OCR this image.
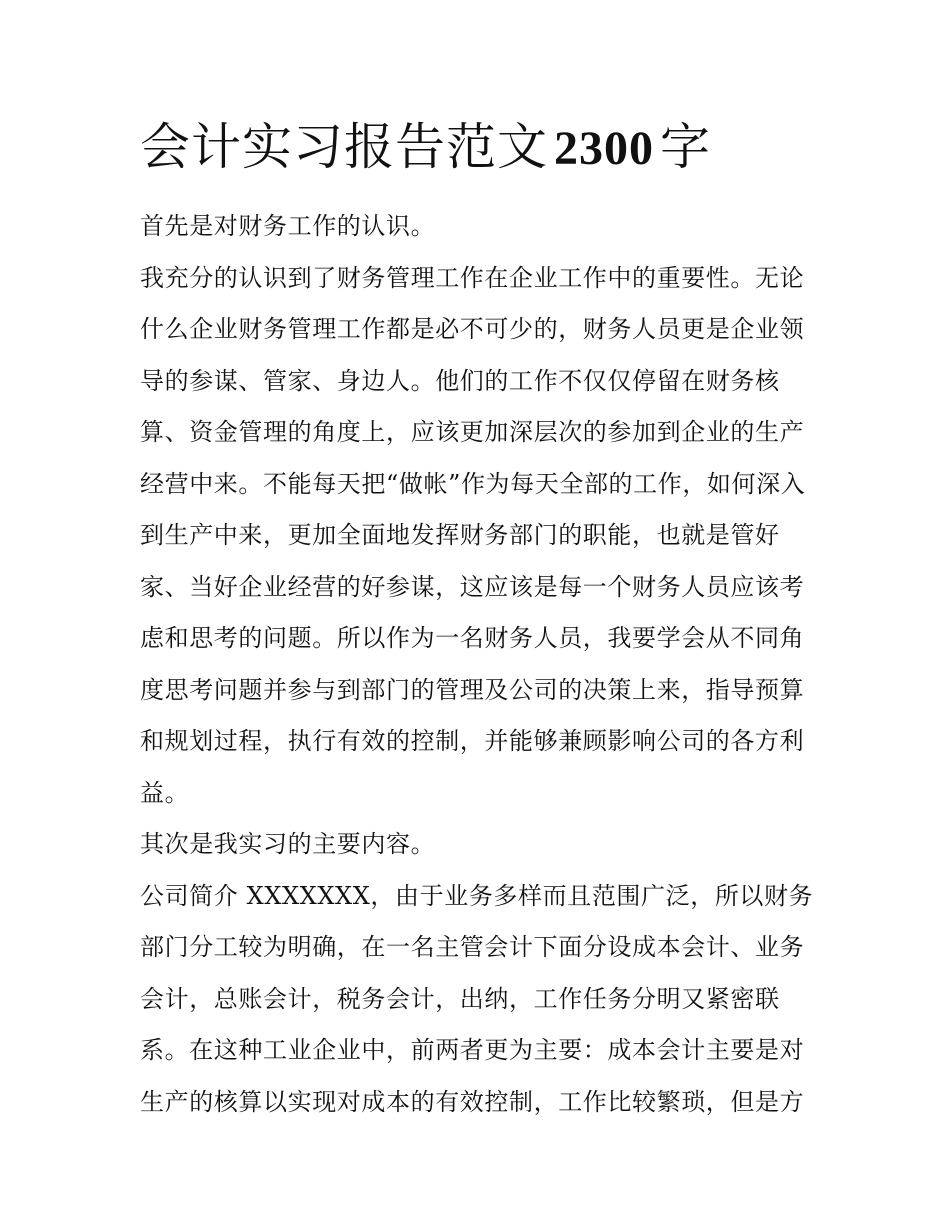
会计实习报告范文 2300 字

首先是对财务工作的认识。

我充分的认识到了财务管理工作在企业工作中的重要性。无论

什么企业财务管理工作都是必不可少的，财务人员更是企业领

导的参谋、管家、身边人。他们的工作不仅仅停留在财务核

算、资金管理的角度上，应该更加深层次的参加到企业的生产

经营中来。不能每天把“做帐”作为每天全部的工作，如何深入

到生产中来，更加全面地发挥财务部门的职能，也就是管好

家、当好企业经营的好参谋，这应该是每一个财务人员应该考

虑和思考的问题。所以作为一名财务人员，我要学会从不同角

度思考问题并参与到部门的管理及公司的决策上来，指导预算

和规划过程，执行有效的控制，并能够兼顾影响公司的各方利

益。

其次是我实习的主要内容。

公司简介 XXXXXXX，由于业务多样而且范围广泛，所以财务

部门分工较为明确，在一名主管会计下面分设成本会计、业务

会计，总账会计，税务会计，出纳，工作任务分明又紧密联

系。在这种工业企业中，前两者更为主要：成本会计主要是对

生产的核算以实现对成本的有效控制，工作比较繁琐，但是方
